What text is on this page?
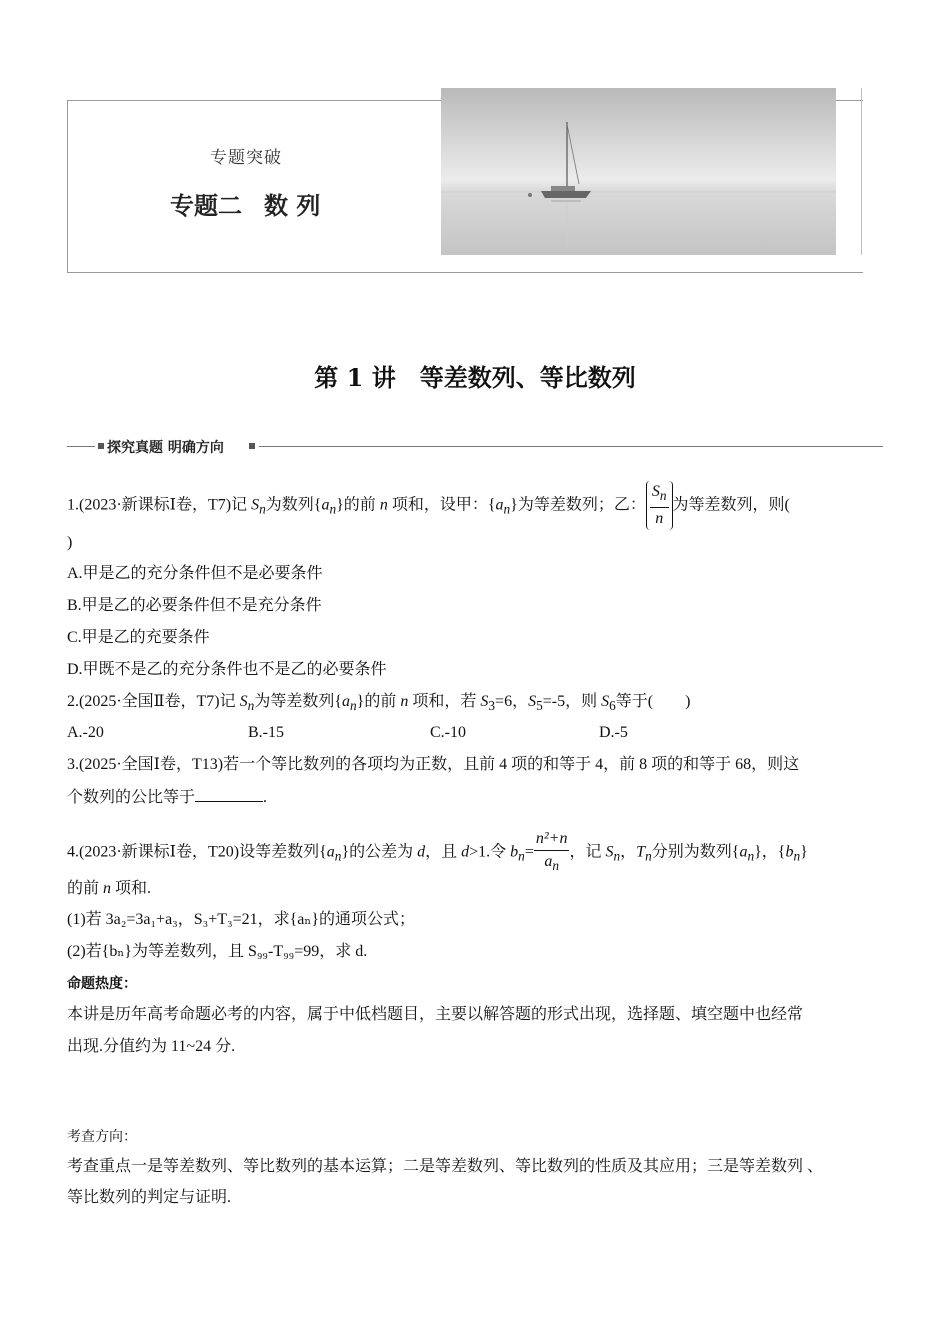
专题突破
专题二 数 列
第 1 讲　等差数列、等比数列
探究真题 明确方向
1.(2023·新课标Ⅰ卷，T7)记 $S_n$为数列$\{a_n\}$的前 n 项和，设甲：$\{a_n\}$为等差数列；乙： $\frac{S_n}{n}$ 为等差数列，则(
)
A.甲是乙的充分条件但不是必要条件
B.甲是乙的必要条件但不是充分条件
C.甲是乙的充要条件
D.甲既不是乙的充分条件也不是乙的必要条件
2.(2025·全国Ⅱ卷，T7)记 $S_n$为等差数列$\{a_n\}$的前 n 项和，若 $S_3=6$，$S_5=-5$，则 $S_6$等于(　　)
A.-20	B.-15	C.-10	D.-5
3.(2025·全国Ⅰ卷，T13)若一个等比数列的各项均为正数，且前 4 项的和等于 4，前 8 项的和等于 68，则这
个数列的公比等于	.
4.(2023·新课标Ⅰ卷，T20)设等差数列$\{a_n\}$的公差为 d，且 d>1.令 $b_n= \frac{\text{n²+n}}{a_n}$ ，记 $S_n$，$T_n$分别为数列$\{a_n\}$，$\{b_n\}$
的前 n 项和.
(1)若 3a₂=3a₁+a₃，S₃+T₃=21，求{aₙ}的通项公式；
(2)若{bₙ}为等差数列，且 S₉₉-T₉₉=99，求 d.
命题热度：
本讲是历年高考命题必考的内容，属于中低档题目，主要以解答题的形式出现，选择题、填空题中也经常
出现.分值约为 11~24 分.
考查方向：
考查重点一是等差数列、等比数列的基本运算；二是等差数列、等比数列的性质及其应用；三是等差数列 、
等比数列的判定与证明.
